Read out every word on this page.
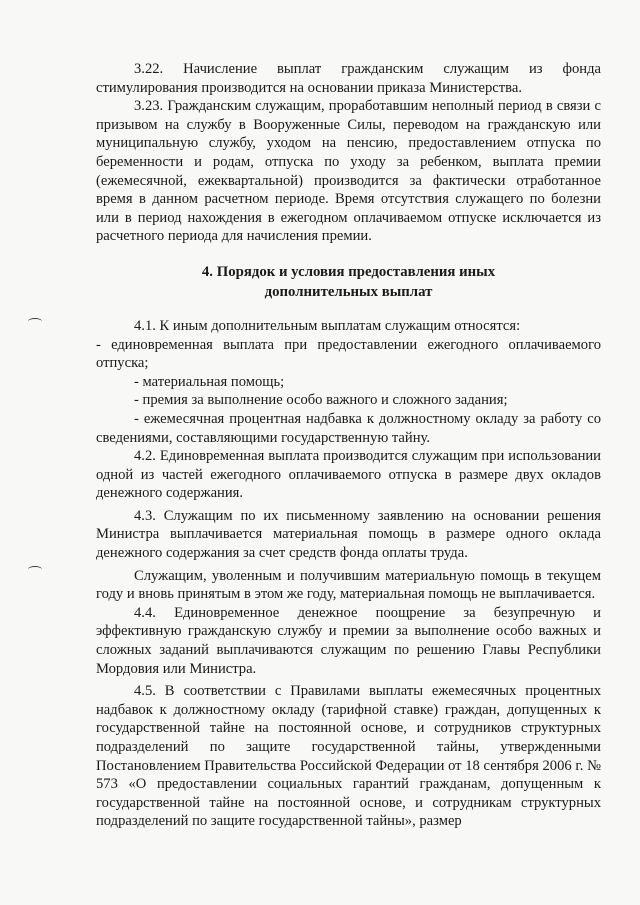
3.22. Начисление выплат гражданским служащим из фонда стимулирования производится на основании приказа Министерства.

3.23. Гражданским служащим, проработавшим неполный период в связи с призывом на службу в Вооруженные Силы, переводом на гражданскую или муниципальную службу, уходом на пенсию, предоставлением отпуска по беременности и родам, отпуска по уходу за ребенком, выплата премии (ежемесячной, ежеквартальной) производится за фактически отработанное время в данном расчетном периоде. Время отсутствия служащего по болезни или в период нахождения в ежегодном оплачиваемом отпуске исключается из расчетного периода для начисления премии.

4. Порядок и условия предоставления иных
дополнительных выплат

4.1. К иным дополнительным выплатам служащим относятся:

- единовременная выплата при предоставлении ежегодного оплачиваемого отпуска;

- материальная помощь;

- премия за выполнение особо важного и сложного задания;

- ежемесячная процентная надбавка к должностному окладу за работу со сведениями, составляющими государственную тайну.

4.2. Единовременная выплата производится служащим при использовании одной из частей ежегодного оплачиваемого отпуска в размере двух окладов денежного содержания.

4.3. Служащим по их письменному заявлению на основании решения Министра выплачивается материальная помощь в размере одного оклада денежного содержания за счет средств фонда оплаты труда.

Служащим, уволенным и получившим материальную помощь в текущем году и вновь принятым в этом же году, материальная помощь не выплачивается.

4.4. Единовременное денежное поощрение за безупречную и эффективную гражданскую службу и премии за выполнение особо важных и сложных заданий выплачиваются служащим по решению Главы Республики Мордовия или Министра.

4.5. В соответствии с Правилами выплаты ежемесячных процентных надбавок к должностному окладу (тарифной ставке) граждан, допущенных к государственной тайне на постоянной основе, и сотрудников структурных подразделений по защите государственной тайны, утвержденными Постановлением Правительства Российской Федерации от 18 сентября 2006 г. № 573 «О предоставлении социальных гарантий гражданам, допущенным к государственной тайне на постоянной основе, и сотрудникам структурных подразделений по защите государственной тайны», размер
